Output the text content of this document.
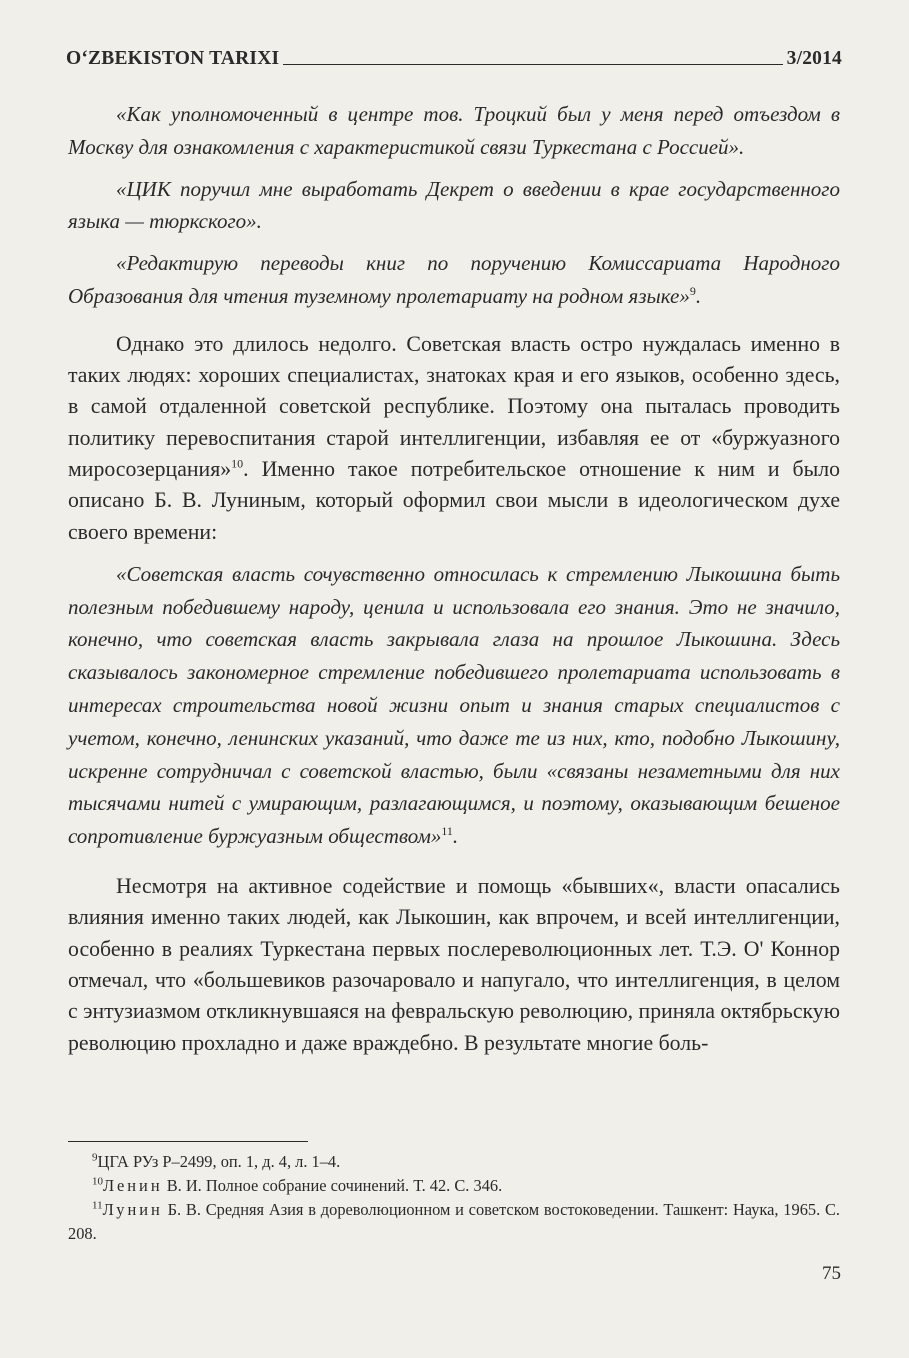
O‘ZBEKISTON TARIXI	3/2014

«Как уполномоченный в центре тов. Троцкий был у меня перед отъездом в Москву для ознакомления с характеристикой связи Туркестана с Россией».

«ЦИК поручил мне выработать Декрет о введении в крае государственного языка — тюркского».

«Редактирую переводы книг по поручению Комиссариата Народного Образования для чтения туземному пролетариату на родном языке»$^9$.

Однако это длилось недолго. Советская власть остро нуждалась именно в таких людях: хороших специалистах, знатоках края и его языков, особенно здесь, в самой отдаленной советской республике. Поэтому она пыталась проводить политику перевоспитания старой интеллигенции, избавляя ее от «буржуазного миросозерцания»$^{10}$. Именно такое потребительское отношение к ним и было описано Б. В. Луниным, который оформил свои мысли в идеологическом духе своего времени:

«Советская власть сочувственно относилась к стремлению Лыкошина быть полезным победившему народу, ценила и использовала его знания. Это не значило, конечно, что советская власть закрывала глаза на прошлое Лыкошина. Здесь сказывалось закономерное стремление победившего пролетариата использовать в интересах строительства новой жизни опыт и знания старых специалистов с учетом, конечно, ленинских указаний, что даже те из них, кто, подобно Лыкошину, искренне сотрудничал с советской властью, были «связаны незаметными для них тысячами нитей с умирающим, разлагающимся, и поэтому, оказывающим бешеное сопротивление буржуазным обществом»$^{11}$.

Несмотря на активное содействие и помощь «бывших«, власти опасались влияния именно таких людей, как Лыкошин, как впрочем, и всей интеллигенции, особенно в реалиях Туркестана первых послереволюционных лет. Т.Э. О' Коннор отмечал, что «большевиков разочаровало и напугало, что интеллигенция, в целом с энтузиазмом откликнувшаяся на февральскую революцию, приняла октябрьскую революцию прохладно и даже враждебно. В результате многие боль-

$^9$ЦГА РУз Р–2499, оп. 1, д. 4, л. 1–4.

$^{10}$Ленин В. И. Полное собрание сочинений. Т. 42. С. 346.

$^{11}$Лунин Б. В. Средняя Азия в дореволюционном и советском востоковедении. Ташкент: Наука, 1965. С. 208.

75
